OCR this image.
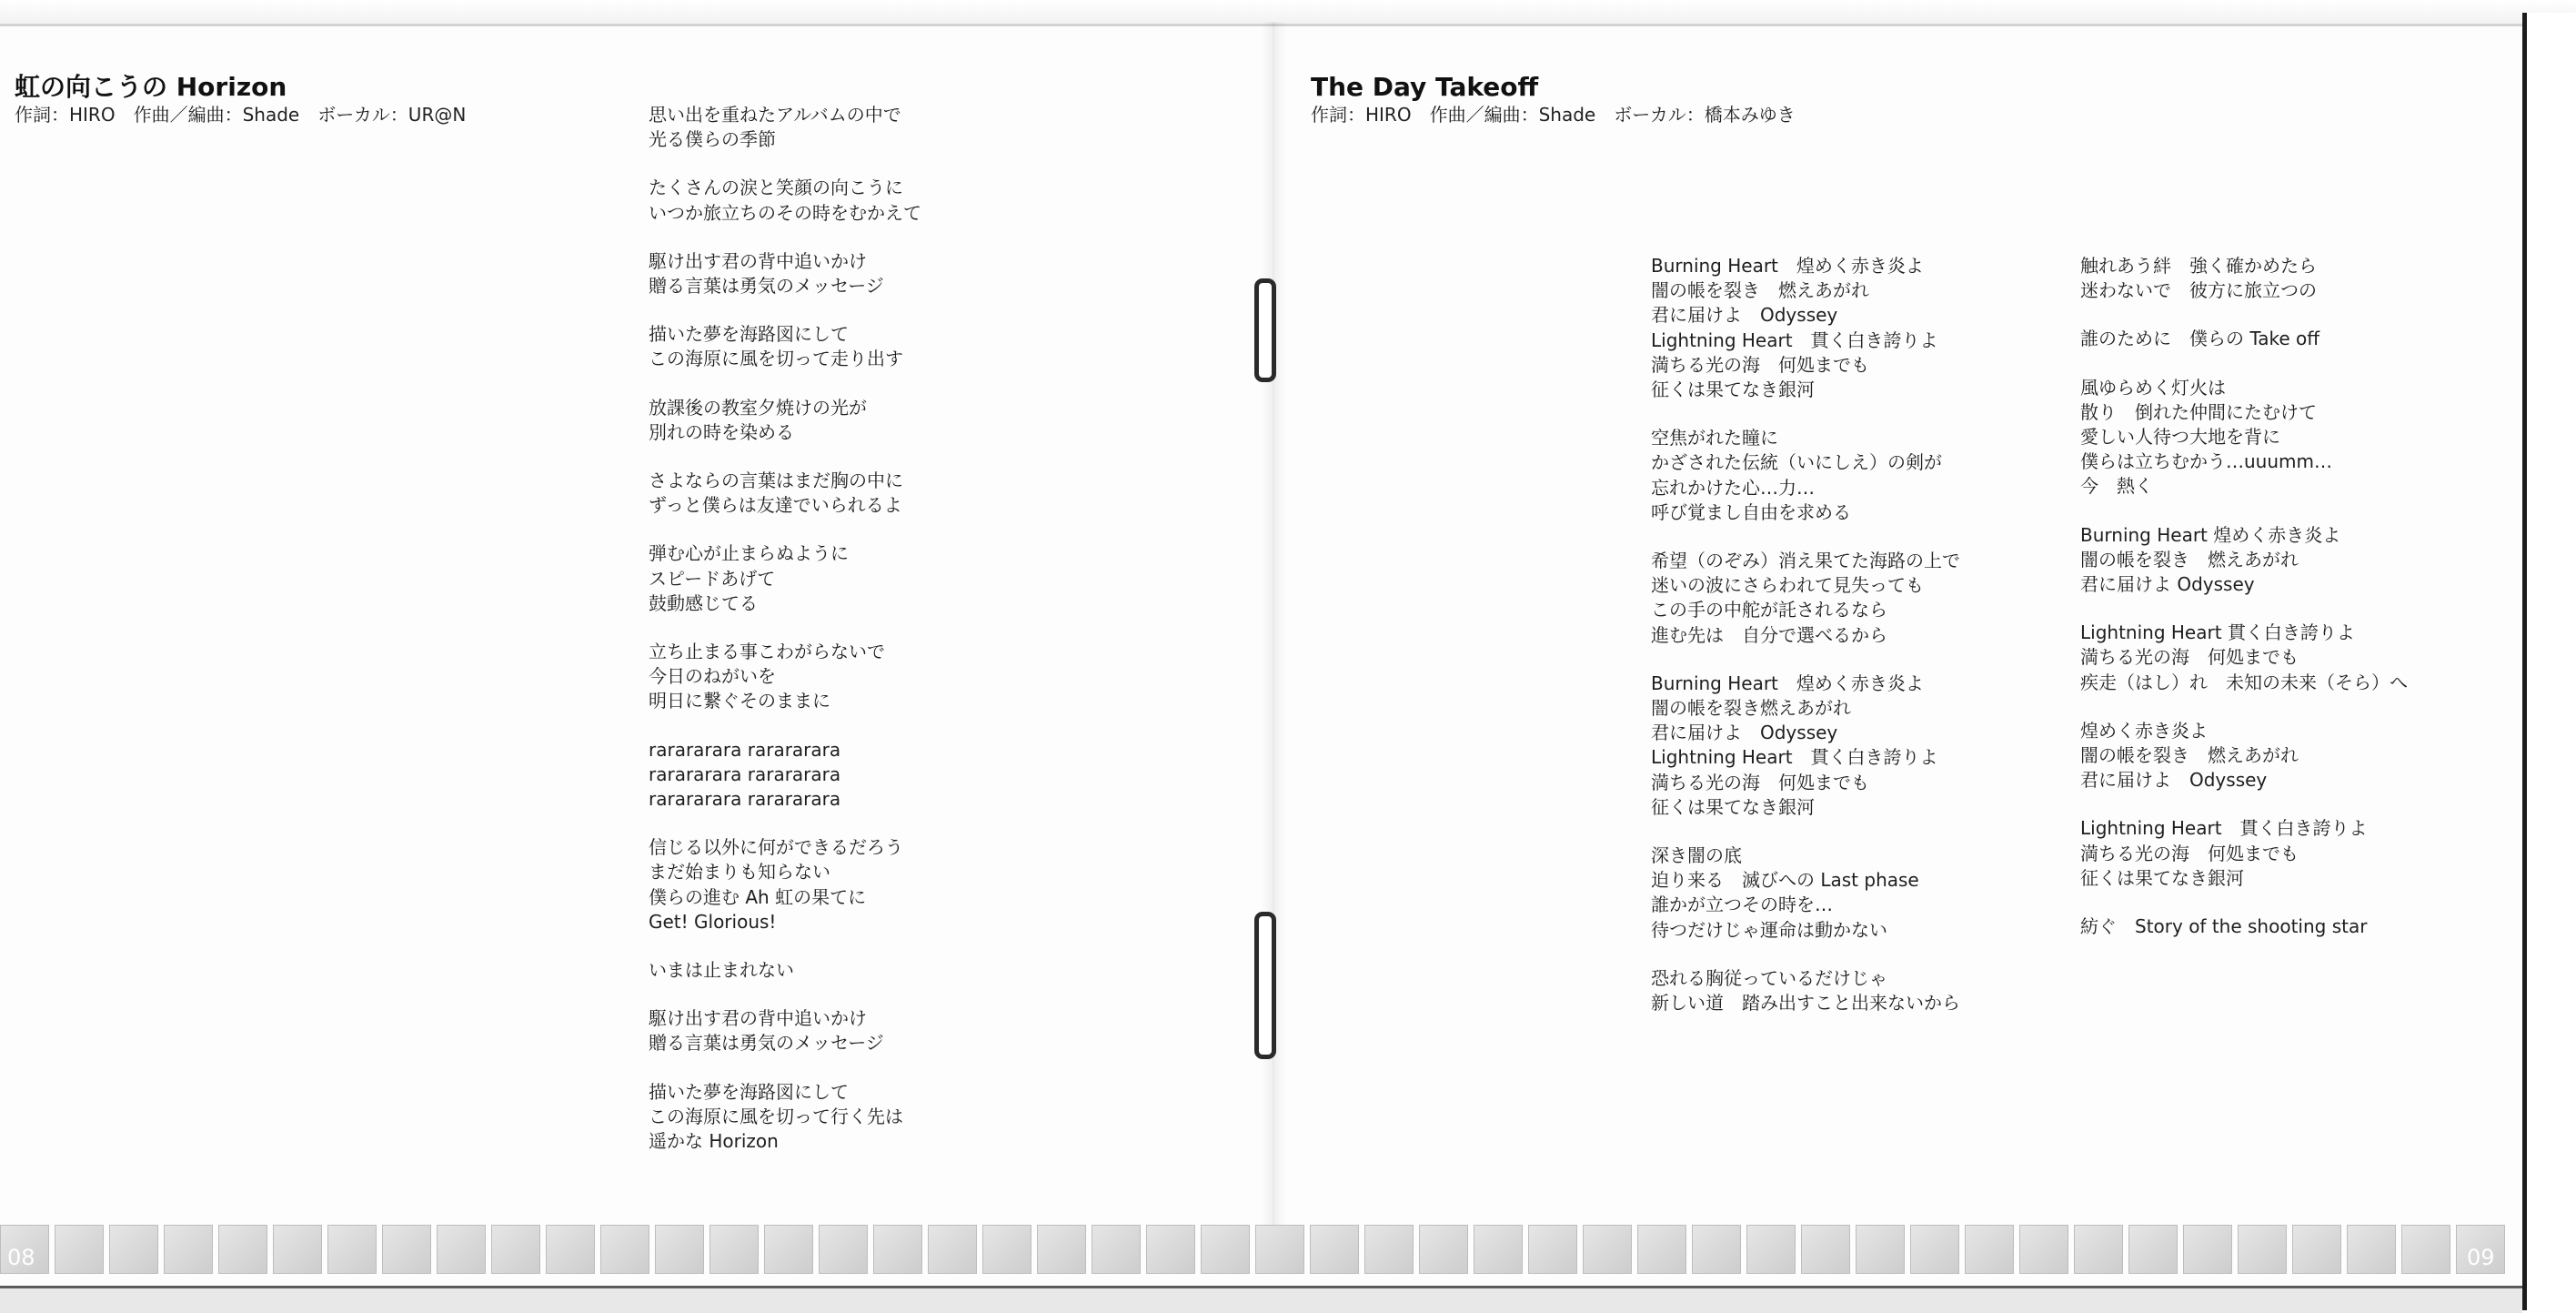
虹の向こうの Horizon

作詞：HIRO　作曲／編曲：Shade　ボーカル：UR@N	思い出を重ねたアルバムの中で
光る僕らの季節
たくさんの涙と笑顔の向こうに
いつか旅立ちのその時をむかえて
駆け出す君の背中追いかけ
贈る言葉は勇気のメッセージ
描いた夢を海路図にして
この海原に風を切って走り出す
放課後の教室夕焼けの光が
別れの時を染める
さよならの言葉はまだ胸の中に
ずっと僕らは友達でいられるよ
弾む心が止まらぬように
スピードあげて
鼓動感じてる
立ち止まる事こわがらないで
今日のねがいを
明日に繋ぐそのままに
rarararara rarararara
rarararara rarararara
rarararara rarararara
信じる以外に何ができるだろう
まだ始まりも知らない
僕らの進む Ah 虹の果てに
Get! Glorious!
いまは止まれない
駆け出す君の背中追いかけ
贈る言葉は勇気のメッセージ
描いた夢を海路図にして
この海原に風を切って行く先は
遥かな Horizon
The Day Takeoff

作詞：HIRO　作曲／編曲：Shade　ボーカル：橋本みゆき

Burning Heart　煌めく赤き炎よ
闇の帳を裂き　燃えあがれ
君に届けよ　Odyssey
Lightning Heart　貫く白き誇りよ
満ちる光の海　何処までも
征くは果てなき銀河
空焦がれた瞳に
かざされた伝統（いにしえ）の剣が
忘れかけた心…力…
呼び覚まし自由を求める
希望（のぞみ）消え果てた海路の上で
迷いの波にさらわれて見失っても
この手の中舵が託されるなら
進む先は　自分で選べるから
Burning Heart　煌めく赤き炎よ
闇の帳を裂き燃えあがれ
君に届けよ　Odyssey
Lightning Heart　貫く白き誇りよ
満ちる光の海　何処までも
征くは果てなき銀河
深き闇の底
迫り来る　滅びへの Last phase
誰かが立つその時を…
待つだけじゃ運命は動かない
恐れる胸従っているだけじゃ
新しい道　踏み出すこと出来ないから
触れあう絆　強く確かめたら
迷わないで　彼方に旅立つの
誰のために　僕らの Take off
風ゆらめく灯火は
散り　倒れた仲間にたむけて
愛しい人待つ大地を背に
僕らは立ちむかう…uuumm…
今　熱く
Burning Heart 煌めく赤き炎よ
闇の帳を裂き　燃えあがれ
君に届けよ Odyssey
Lightning Heart 貫く白き誇りよ
満ちる光の海　何処までも
疾走（はし）れ　未知の未来（そら）へ
煌めく赤き炎よ
闇の帳を裂き　燃えあがれ
君に届けよ　Odyssey
Lightning Heart　貫く白き誇りよ
満ちる光の海　何処までも
征くは果てなき銀河
紡ぐ　Story of the shooting star
08	09
